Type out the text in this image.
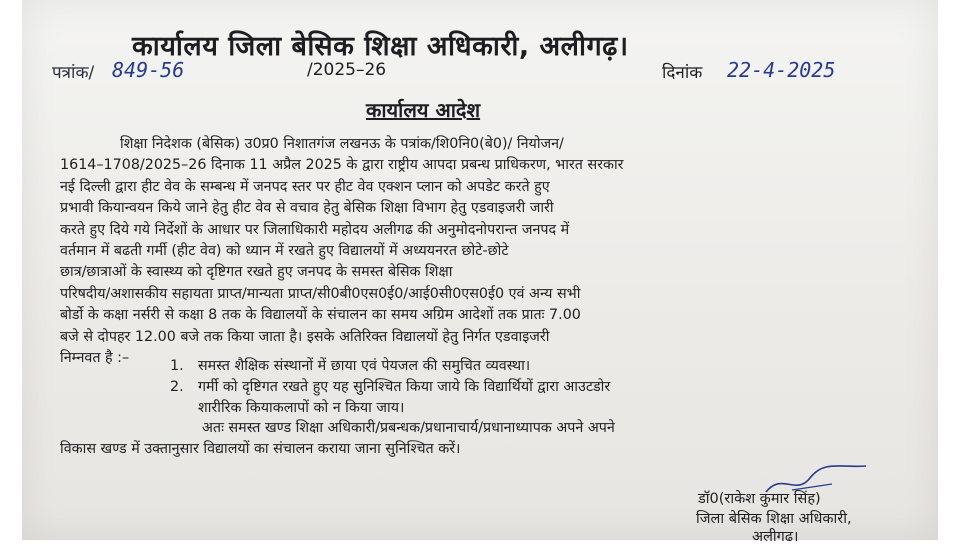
कार्यालय जिला बेसिक शिक्षा अधिकारी, अलीगढ़।
पत्रांक/ 849-56	/2025–26	दिनांक 22-4-2025
कार्यालय आदेश
शिक्षा निदेशक (बेसिक) उ0प्र0 निशातगंज लखनऊ के पत्रांक/शि0नि0(बे0)/ नियोजन/
1614–1708/2025–26 दिनाक 11 अप्रैल 2025 के द्वारा राष्ट्रीय आपदा प्रबन्ध प्राधिकरण, भारत सरकार
नई दिल्ली द्वारा हीट वेव के सम्बन्ध में जनपद स्तर पर हीट वेव एक्शन प्लान को अपडेट करते हुए
प्रभावी कियान्वयन किये जाने हेतु हीट वेव से वचाव हेतु बेसिक शिक्षा विभाग हेतु एडवाइजरी जारी
करते हुए दिये गये निर्देशों के आधार पर जिलाधिकारी महोदय अलीगढ की अनुमोदनोपरान्त जनपद में
वर्तमान में बढती गर्मी (हीट वेव) को ध्यान में रखते हुए विद्यालयों में अध्ययनरत छोटे-छोटे
छात्र/छात्राओं के स्वास्थ्य को दृष्टिगत रखते हुए जनपद के समस्त बेसिक शिक्षा
परिषदीय/अशासकीय सहायता प्राप्त/मान्यता प्राप्त/सी0बी0एस0ई0/आई0सी0एस0ई0 एवं अन्य सभी
बोर्डो के कक्षा नर्सरी से कक्षा 8 तक के विद्यालयों के संचालन का समय अग्रिम आदेशों तक प्रातः 7.00
बजे से दोपहर 12.00 बजे तक किया जाता है। इसके अतिरिक्त विद्यालयों हेतु निर्गत एडवाइजरी
निम्नवत है :–	1. समस्त शैक्षिक संस्थानों में छाया एवं पेयजल की समुचित व्यवस्था।
2. गर्मी को दृष्टिगत रखते हुए यह सुनिश्चित किया जाये कि विद्यार्थियों द्वारा आउटडोर
शारीरिक कियाकलापों को न किया जाय।
अतः समस्त खण्ड शिक्षा अधिकारी/प्रबन्धक/प्रधानाचार्य/प्रधानाध्यापक अपने अपने
विकास खण्ड में उक्तानुसार विद्यालयों का संचालन कराया जाना सुनिश्चित करें।
डॉ0(राकेश कुमार सिंह)
जिला बेसिक शिक्षा अधिकारी,
अलीगढ।
